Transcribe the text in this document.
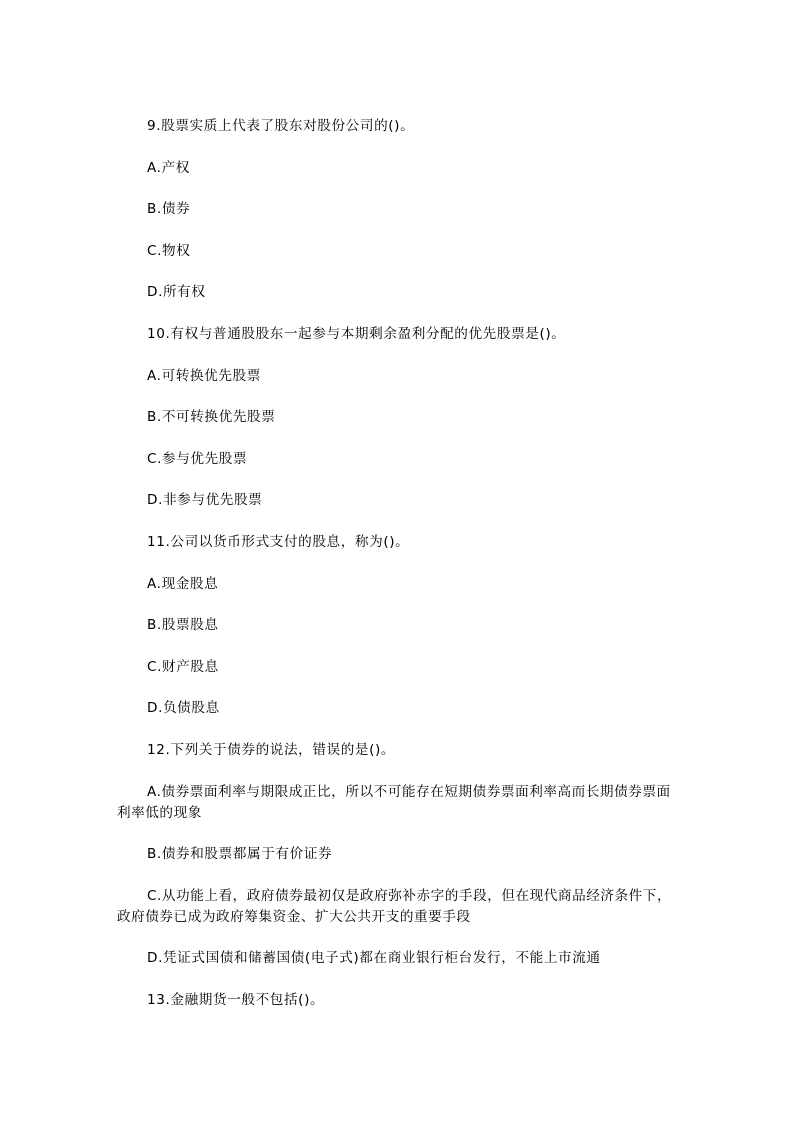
9.股票实质上代表了股东对股份公司的()。

A.产权

B.债券

C.物权

D.所有权

10.有权与普通股股东一起参与本期剩余盈利分配的优先股票是()。

A.可转换优先股票

B.不可转换优先股票

C.参与优先股票

D.非参与优先股票

11.公司以货币形式支付的股息，称为()。

A.现金股息

B.股票股息

C.财产股息

D.负债股息

12.下列关于债券的说法，错误的是()。

A.债券票面利率与期限成正比，所以不可能存在短期债券票面利率高而长期债券票面利率低的现象

B.债券和股票都属于有价证券

C.从功能上看，政府债券最初仅是政府弥补赤字的手段，但在现代商品经济条件下，政府债券已成为政府筹集资金、扩大公共开支的重要手段

D.凭证式国债和储蓄国债(电子式)都在商业银行柜台发行，不能上市流通

13.金融期货一般不包括()。
